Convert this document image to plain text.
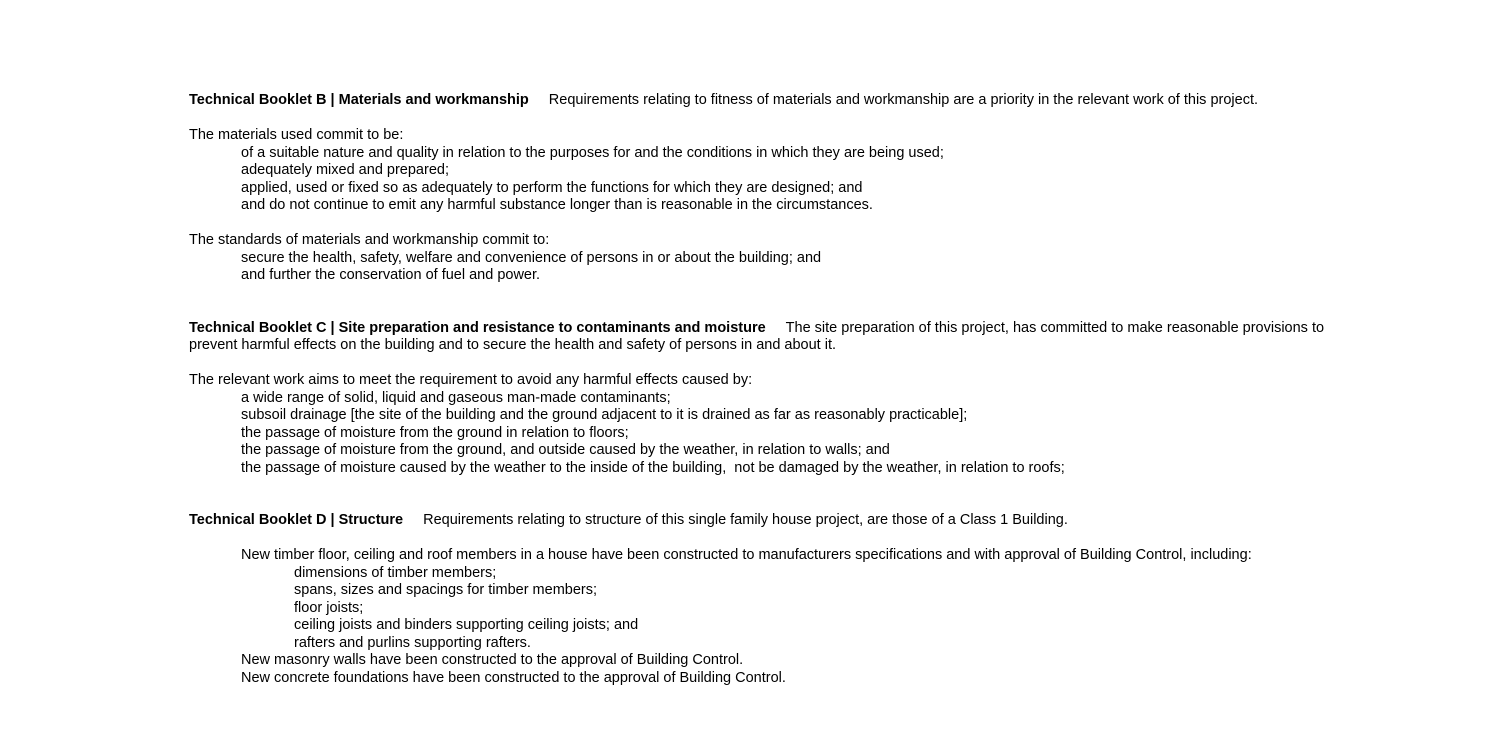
Technical Booklet B | Materials and workmanship Requirements relating to fitness of materials and workmanship are a priority in the relevant work of this project.
The materials used commit to be:
of a suitable nature and quality in relation to the purposes for and the conditions in which they are being used;
adequately mixed and prepared;
applied, used or fixed so as adequately to perform the functions for which they are designed; and
and do not continue to emit any harmful substance longer than is reasonable in the circumstances.
The standards of materials and workmanship commit to:
secure the health, safety, welfare and convenience of persons in or about the building; and
and further the conservation of fuel and power.
Technical Booklet C | Site preparation and resistance to contaminants and moisture The site preparation of this project, has committed to make reasonable provisions to prevent harmful effects on the building and to secure the health and safety of persons in and about it.
The relevant work aims to meet the requirement to avoid any harmful effects caused by:
a wide range of solid, liquid and gaseous man-made contaminants;
subsoil drainage [the site of the building and the ground adjacent to it is drained as far as reasonably practicable];
the passage of moisture from the ground in relation to floors;
the passage of moisture from the ground, and outside caused by the weather, in relation to walls; and
the passage of moisture caused by the weather to the inside of the building,  not be damaged by the weather, in relation to roofs;
Technical Booklet D | Structure Requirements relating to structure of this single family house project, are those of a Class 1 Building.
New timber floor, ceiling and roof members in a house have been constructed to manufacturers specifications and with approval of Building Control, including:
dimensions of timber members;
spans, sizes and spacings for timber members;
floor joists;
ceiling joists and binders supporting ceiling joists; and
rafters and purlins supporting rafters.
New masonry walls have been constructed to the approval of Building Control.
New concrete foundations have been constructed to the approval of Building Control.
